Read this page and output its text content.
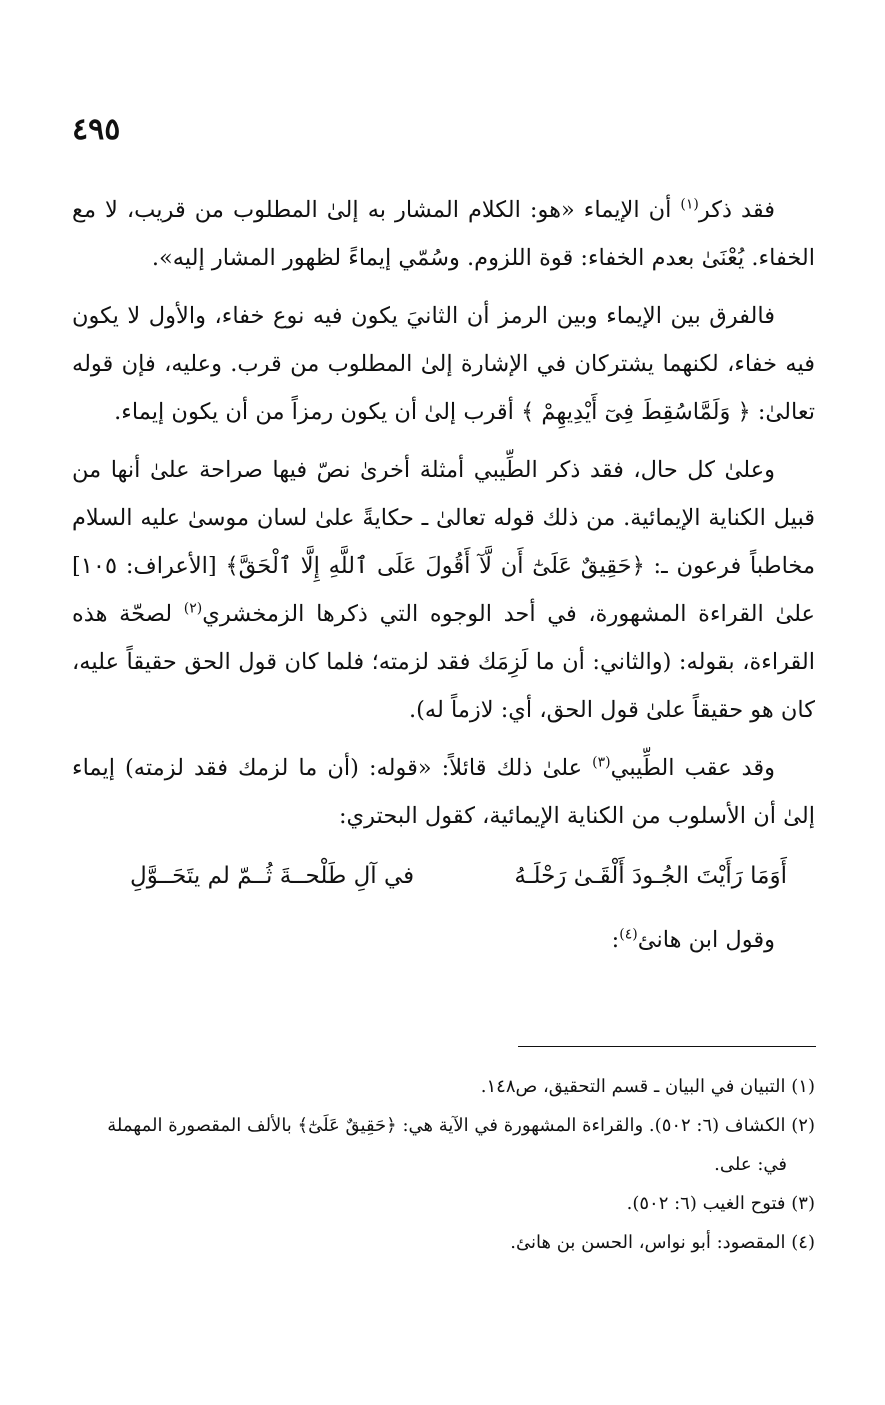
٤٩٥

فقد ذكر$^{(١)}$ أن الإيماء «هو: الكلام المشار به إلىٰ المطلوب من قريب، لا مع الخفاء. يُعْنَىٰ بعدم الخفاء: قوة اللزوم. وسُمّي إيماءً لظهور المشار إليه».

فالفرق بين الإيماء وبين الرمز أن الثانيَ يكون فيه نوع خفاء، والأول لا يكون فيه خفاء، لكنهما يشتركان في الإشارة إلىٰ المطلوب من قرب. وعليه، فإن قوله تعالىٰ: ﴿ وَلَمَّاسُقِطَ فِىٓ أَيْدِيهِمْ ﴾ أقرب إلىٰ أن يكون رمزاً من أن يكون إيماء.

وعلىٰ كل حال، فقد ذكر الطِّيبي أمثلة أخرىٰ نصّ فيها صراحة علىٰ أنها من قبيل الكناية الإيمائية. من ذلك قوله تعالىٰ ـ حكايةً علىٰ لسان موسىٰ عليه السلام مخاطباً فرعون ـ: ﴿حَقِيقٌ عَلَىٰٓ أَن لَّآ أَقُولَ عَلَى ٱللَّهِ إِلَّا ٱلْحَقَّ﴾ [الأعراف: ١٠٥] علىٰ القراءة المشهورة، في أحد الوجوه التي ذكرها الزمخشري$^{(٢)}$ لصحّة هذه القراءة، بقوله: (والثاني: أن ما لَزِمَك فقد لزمته؛ فلما كان قول الحق حقيقاً عليه، كان هو حقيقاً علىٰ قول الحق، أي: لازماً له).

وقد عقب الطِّيبي$^{(٣)}$ علىٰ ذلك قائلاً: «قوله: (أن ما لزمك فقد لزمته) إيماء إلىٰ أن الأسلوب من الكناية الإيمائية، كقول البحتري:

أَوَمَا رَأَيْتَ الجُـودَ أَلْقَـىٰ رَحْلَـهُ
في آلِ طَلْحــةَ ثُــمّ لم يتَحَــوَّلِ

وقول ابن هانئ$^{(٤)}$:

(١) التبيان في البيان ـ قسم التحقيق، ص١٤٨.

(٢) الكشاف (٦: ٥٠٢). والقراءة المشهورة في الآية هي: ﴿حَقِيقٌ عَلَىٰٓ﴾ بالألف المقصورة المهملة

في: على.

(٣) فتوح الغيب (٦: ٥٠٢).

(٤) المقصود: أبو نواس، الحسن بن هانئ.
